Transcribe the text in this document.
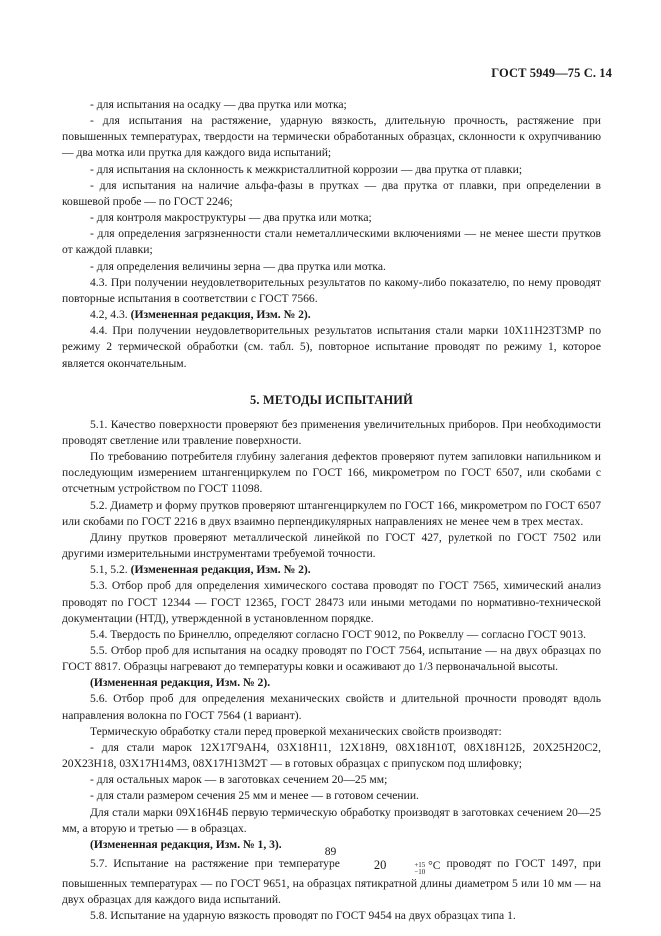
ГОСТ 5949—75 С. 14

- для испытания на осадку — два прутка или мотка;

- для испытания на растяжение, ударную вязкость, длительную прочность, растяжение при повышенных температурах, твердости на термически обработанных образцах, склонности к охрупчиванию — два мотка или прутка для каждого вида испытаний;

- для испытания на склонность к межкристаллитной коррозии — два прутка от плавки;

- для испытания на наличие альфа-фазы в прутках — два прутка от плавки, при определении в ковшевой пробе — по ГОСТ 2246;

- для контроля макроструктуры — два прутка или мотка;

- для определения загрязненности стали неметаллическими включениями — не менее шести прутков от каждой плавки;

- для определения величины зерна — два прутка или мотка.

4.3. При получении неудовлетворительных результатов по какому-либо показателю, по нему проводят повторные испытания в соответствии с ГОСТ 7566.

4.2, 4.3. (Измененная редакция, Изм. № 2).

4.4. При получении неудовлетворительных результатов испытания стали марки 10Х11Н23Т3МР по режиму 2 термической обработки (см. табл. 5), повторное испытание проводят по режиму 1, которое является окончательным.

5. МЕТОДЫ ИСПЫТАНИЙ

5.1. Качество поверхности проверяют без применения увеличительных приборов. При необходимости проводят светление или травление поверхности.

По требованию потребителя глубину залегания дефектов проверяют путем запиловки напильником и последующим измерением штангенциркулем по ГОСТ 166, микрометром по ГОСТ 6507, или скобами с отсчетным устройством по ГОСТ 11098.

5.2. Диаметр и форму прутков проверяют штангенциркулем по ГОСТ 166, микрометром по ГОСТ 6507 или скобами по ГОСТ 2216 в двух взаимно перпендикулярных направлениях не менее чем в трех местах.

Длину прутков проверяют металлической линейкой по ГОСТ 427, рулеткой по ГОСТ 7502 или другими измерительными инструментами требуемой точности.

5.1, 5.2. (Измененная редакция, Изм. № 2).

5.3. Отбор проб для определения химического состава проводят по ГОСТ 7565, химический анализ проводят по ГОСТ 12344 — ГОСТ 12365, ГОСТ 28473 или иными методами по нормативно-технической документации (НТД), утвержденной в установленном порядке.

5.4. Твердость по Бринеллю, определяют согласно ГОСТ 9012, по Роквеллу — согласно ГОСТ 9013.

5.5. Отбор проб для испытания на осадку проводят по ГОСТ 7564, испытание — на двух образцах по ГОСТ 8817. Образцы нагревают до температуры ковки и осаживают до 1/3 первоначальной высоты.

(Измененная редакция, Изм. № 2).

5.6. Отбор проб для определения механических свойств и длительной прочности проводят вдоль направления волокна по ГОСТ 7564 (1 вариант).

Термическую обработку стали перед проверкой механических свойств производят:

- для стали марок 12Х17Г9АН4, 03Х18Н11, 12Х18Н9, 08Х18Н10Т, 08Х18Н12Б, 20Х25Н20С2, 20Х23Н18, 03Х17Н14М3, 08Х17Н13М2Т — в готовых образцах с припуском под шлифовку;

- для остальных марок — в заготовках сечением 20—25 мм;

- для стали размером сечения 25 мм и менее — в готовом сечении.

Для стали марки 09Х16Н4Б первую термическую обработку производят в заготовках сечением 20—25 мм, а вторую и третью — в образцах.

(Измененная редакция, Изм. № 1, 3).

5.7. Испытание на растяжение при температуре 20	+15
−10 °С проводят по ГОСТ 1497, при повышенных температурах — по ГОСТ 9651, на образцах пятикратной длины диаметром 5 или 10 мм — на двух образцах для каждого вида испытаний.

5.8. Испытание на ударную вязкость проводят по ГОСТ 9454 на двух образцах типа 1.

89
